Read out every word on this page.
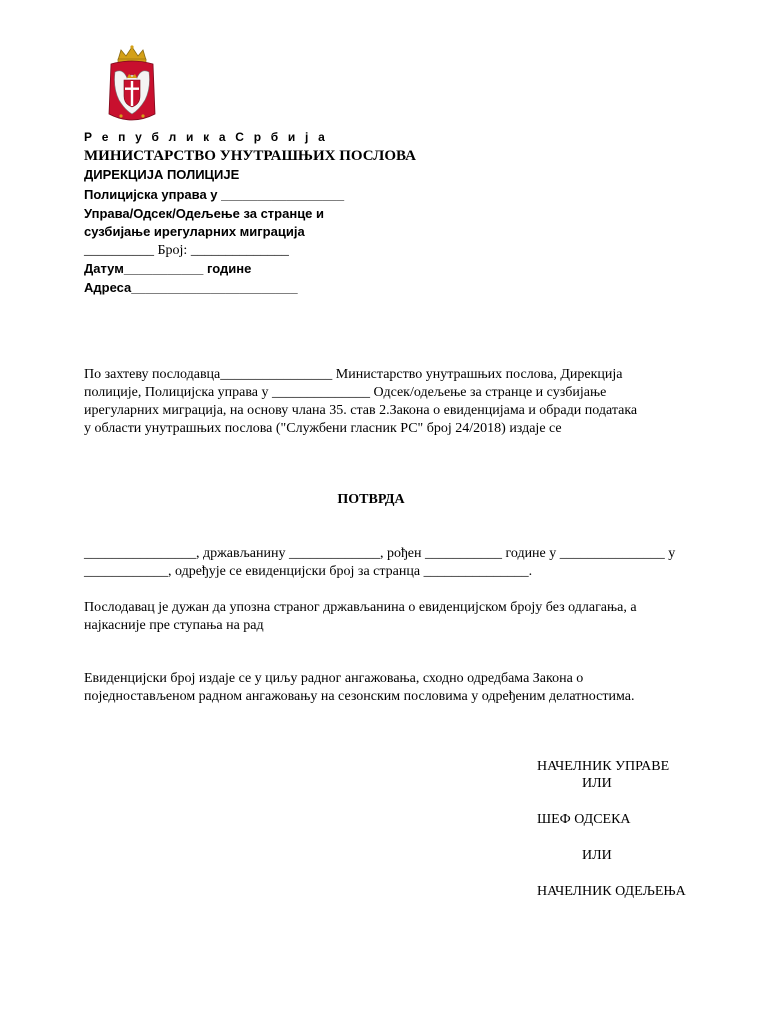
Р е п у б л и к а С р б и ј а
МИНИСТАРСТВО УНУТРАШЊИХ ПОСЛОВА
ДИРЕКЦИЈА ПОЛИЦИЈЕ
Полицијска управа у _________________
Управа/Одсек/Одељење за странце и
сузбијање ирегуларних миграција
__________ Број: ______________
Датум___________ године
Адреса_______________________
По захтеву послодавца________________ Министарство унутрашњих послова, Дирекција
полиције, Полицијска управа у ______________ Одсек/одељење за странце и сузбијање
ирегуларних миграција, на основу члана 35. став 2.Закона о евиденцијама и обради података
у области унутрашњих послова ("Службени гласник РС" број 24/2018) издаје се
ПОТВРДА
________________, држављанину _____________, рођен ___________ године у _______________ у
____________, одређује се евиденцијски број за странца _______________.
Послодавац је дужан да упозна страног држављанина о евиденцијском броју без одлагања, а
најкасније пре ступања на рад
Евиденцијски број издаје се у циљу радног ангажовања, сходно одредбама Закона о
поједностављеном радном ангажовању на сезонским пословима у одређеним делатностима.
НАЧЕЛНИК УПРАВЕ
ИЛИ
ШЕФ ОДСЕКА
ИЛИ
НАЧЕЛНИК ОДЕЉЕЊА
